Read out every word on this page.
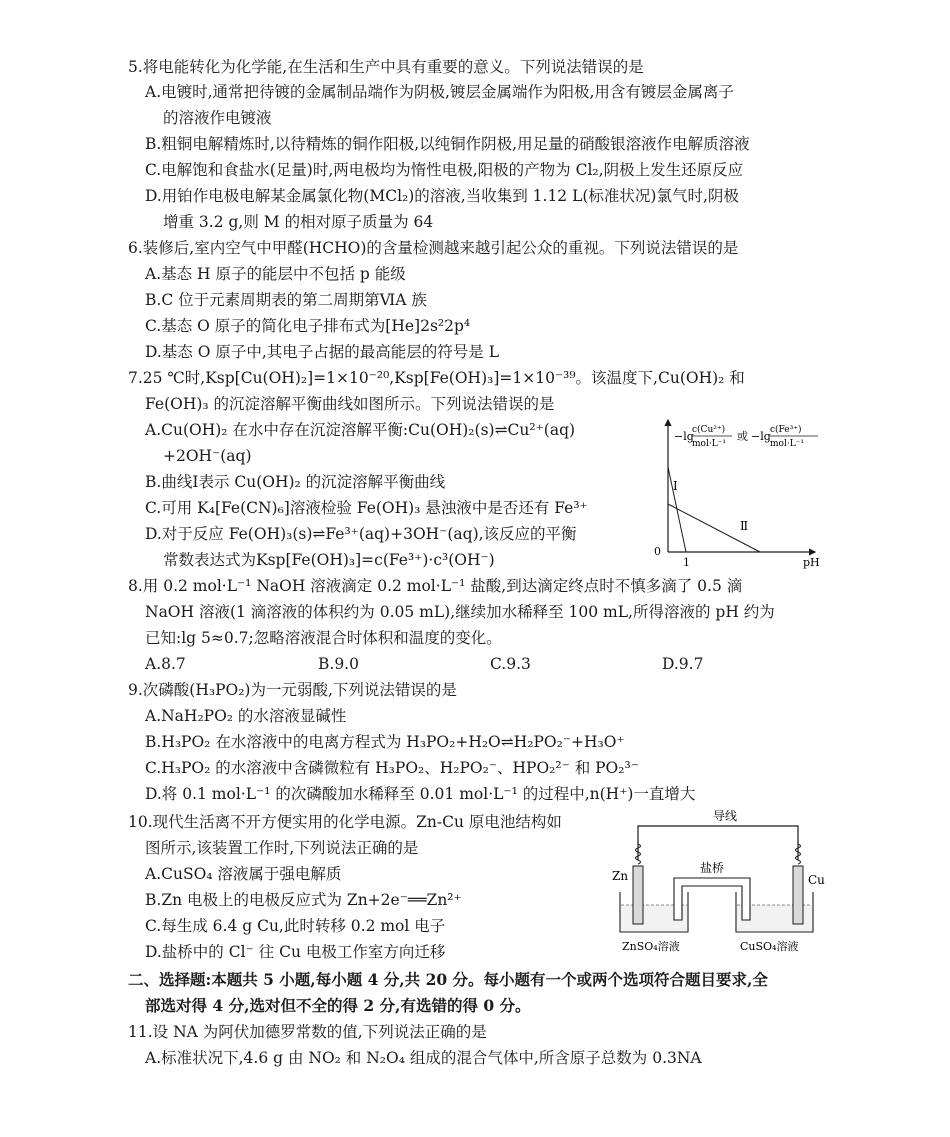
5.将电能转化为化学能,在生活和生产中具有重要的意义。下列说法错误的是
A.电镀时,通常把待镀的金属制品端作为阴极,镀层金属端作为阳极,用含有镀层金属离子
的溶液作电镀液
B.粗铜电解精炼时,以待精炼的铜作阳极,以纯铜作阴极,用足量的硝酸银溶液作电解质溶液
C.电解饱和食盐水(足量)时,两电极均为惰性电极,阳极的产物为 Cl₂,阴极上发生还原反应
D.用铂作电极电解某金属氯化物(MCl₂)的溶液,当收集到 1.12 L(标准状况)氯气时,阴极
增重 3.2 g,则 M 的相对原子质量为 64
6.装修后,室内空气中甲醛(HCHO)的含量检测越来越引起公众的重视。下列说法错误的是
A.基态 H 原子的能层中不包括 p 能级
B.C 位于元素周期表的第二周期第ⅥA 族
C.基态 O 原子的简化电子排布式为[He]2s²2p⁴
D.基态 O 原子中,其电子占据的最高能层的符号是 L
7.25 ℃时,Ksp[Cu(OH)₂]=1×10⁻²⁰,Ksp[Fe(OH)₃]=1×10⁻³⁹。该温度下,Cu(OH)₂ 和
Fe(OH)₃ 的沉淀溶解平衡曲线如图所示。下列说法错误的是
A.Cu(OH)₂ 在水中存在沉淀溶解平衡:Cu(OH)₂(s)⇌Cu²⁺(aq)
+2OH⁻(aq)
B.曲线Ⅰ表示 Cu(OH)₂ 的沉淀溶解平衡曲线
C.可用 K₄[Fe(CN)₆]溶液检验 Fe(OH)₃ 悬浊液中是否还有 Fe³⁺
D.对于反应 Fe(OH)₃(s)⇌Fe³⁺(aq)+3OH⁻(aq),该反应的平衡
常数表达式为Ksp[Fe(OH)₃]=c(Fe³⁺)·c³(OH⁻)
−lg
c(Cu²⁺)
mol·L⁻¹
或 −lg c(Fe³⁺)
mol·L⁻¹
Ⅰ
Ⅱ
0
1	pH
8.用 0.2 mol·L⁻¹ NaOH 溶液滴定 0.2 mol·L⁻¹ 盐酸,到达滴定终点时不慎多滴了 0.5 滴
NaOH 溶液(1 滴溶液的体积约为 0.05 mL),继续加水稀释至 100 mL,所得溶液的 pH 约为
已知:lg 5≈0.7;忽略溶液混合时体积和温度的变化。
A.8.7	B.9.0	C.9.3	D.9.7
9.次磷酸(H₃PO₂)为一元弱酸,下列说法错误的是
A.NaH₂PO₂ 的水溶液显碱性
B.H₃PO₂ 在水溶液中的电离方程式为 H₃PO₂+H₂O⇌H₂PO₂⁻+H₃O⁺
C.H₃PO₂ 的水溶液中含磷微粒有 H₃PO₂、H₂PO₂⁻、HPO₂²⁻ 和 PO₂³⁻
D.将 0.1 mol·L⁻¹ 的次磷酸加水稀释至 0.01 mol·L⁻¹ 的过程中,n(H⁺)一直增大
10.现代生活离不开方便实用的化学电源。Zn-Cu 原电池结构如
图所示,该装置工作时,下列说法正确的是
A.CuSO₄ 溶液属于强电解质
B.Zn 电极上的电极反应式为 Zn+2e⁻══Zn²⁺
C.每生成 6.4 g Cu,此时转移 0.2 mol 电子
D.盐桥中的 Cl⁻ 往 Cu 电极工作室方向迁移
导线
Zn	Cu
盐桥
ZnSO₄溶液	CuSO₄溶液
二、选择题:本题共 5 小题,每小题 4 分,共 20 分。每小题有一个或两个选项符合题目要求,全
部选对得 4 分,选对但不全的得 2 分,有选错的得 0 分。
11.设 NA 为阿伏加德罗常数的值,下列说法正确的是
A.标准状况下,4.6 g 由 NO₂ 和 N₂O₄ 组成的混合气体中,所含原子总数为 0.3NA
